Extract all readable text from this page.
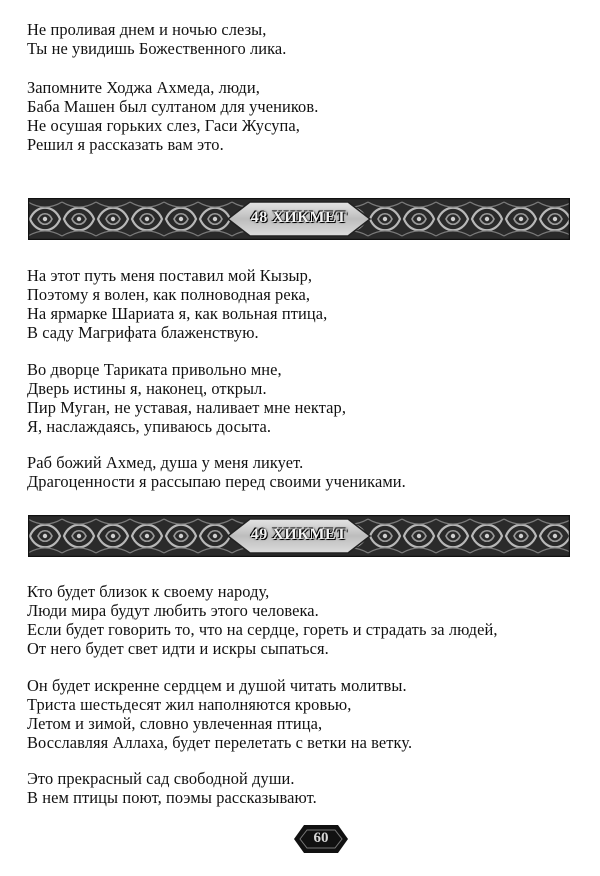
Не проливая днем и ночью слезы,
Ты не увидишь Божественного лика.
Запомните Ходжа Ахмеда, люди,
Баба Машен был султаном для учеников.
Не осушая горьких слез, Гаси Жусупа,
Решил я рассказать вам это.
48 ХИКМЕТ
На этот путь меня поставил мой Кызыр,
Поэтому я волен, как полноводная река,
На ярмарке Шариата я, как вольная птица,
В саду Магрифата блаженствую.
Во дворце Тариката привольно мне,
Дверь истины я, наконец, открыл.
Пир Муган, не уставая, наливает мне нектар,
Я, наслаждаясь, упиваюсь досыта.
Раб божий Ахмед, душа у меня ликует.
Драгоценности я рассыпаю перед своими учениками.
49 ХИКМЕТ
Кто будет близок к своему народу,
Люди мира будут любить этого человека.
Если будет говорить то, что на сердце, гореть и страдать за людей,
От него будет свет идти и искры сыпаться.
Он будет искренне сердцем и душой читать молитвы.
Триста шестьдесят жил наполняются кровью,
Летом и зимой, словно увлеченная птица,
Восславляя Аллаха, будет перелетать с ветки на ветку.
Это прекрасный сад свободной души.
В нем птицы поют, поэмы рассказывают.
60
